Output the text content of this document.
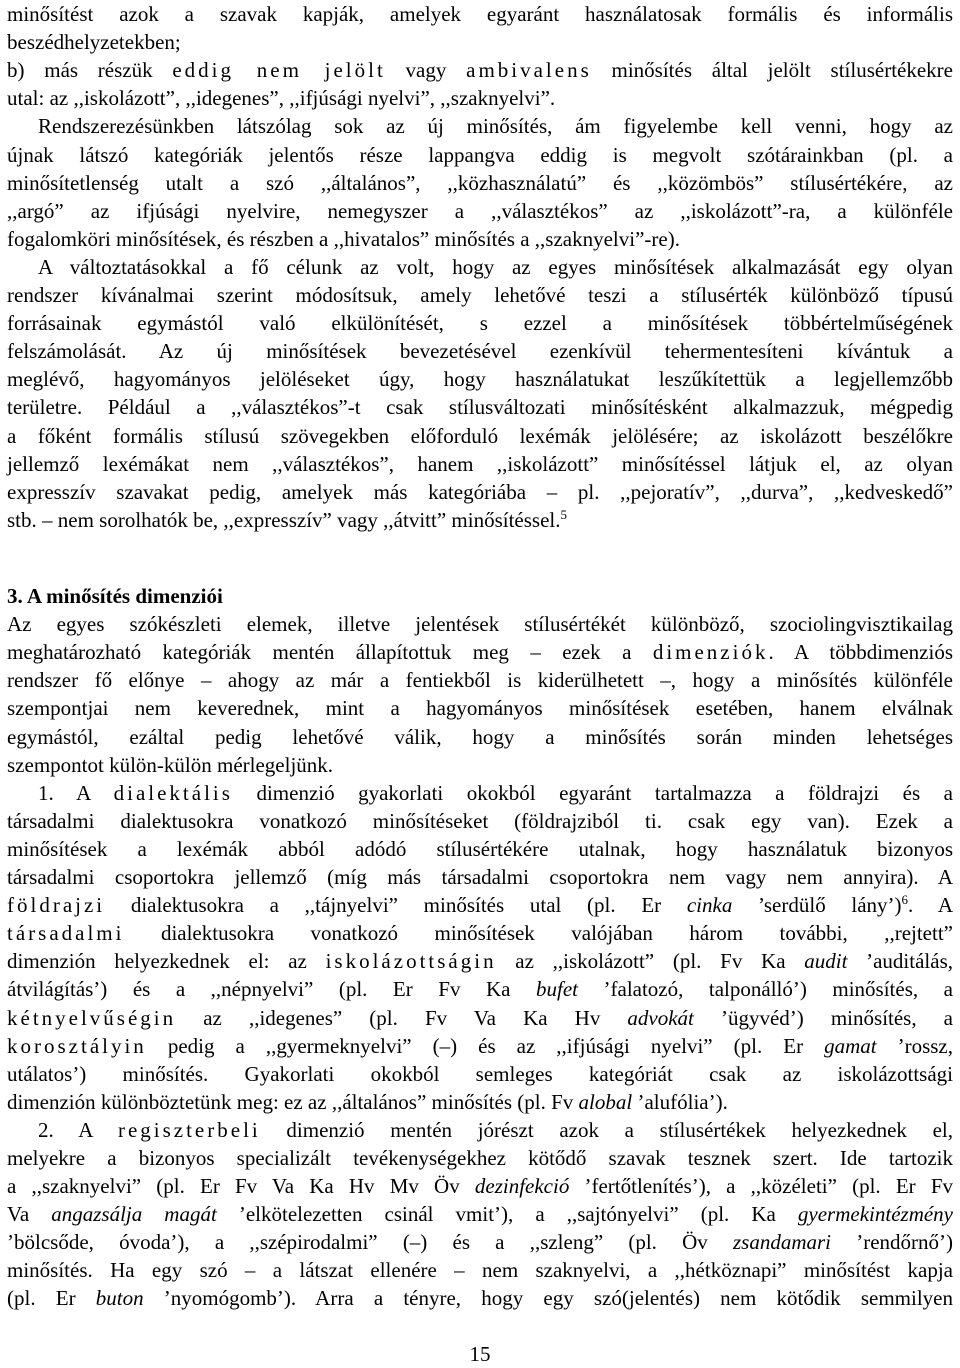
minősítést azok a szavak kapják, amelyek egyaránt használatosak formális és informális
beszédhelyzetekben;
b) más részük eddig nem jelölt vagy ambivalens minősítés által jelölt stílusértékekre
utal: az ,,iskolázott”, ,,idegenes”, ,,ifjúsági nyelvi”, ,,szaknyelvi”.
Rendszerezésünkben látszólag sok az új minősítés, ám figyelembe kell venni, hogy az
újnak látszó kategóriák jelentős része lappangva eddig is megvolt szótárainkban (pl. a
minősítetlenség utalt a szó ,,általános”, ,,közhasználatú” és ,,közömbös” stílusértékére, az
,,argó” az ifjúsági nyelvire, nemegyszer a ,,választékos” az ,,iskolázott”-ra, a különféle
fogalomköri minősítések, és részben a ,,hivatalos” minősítés a ,,szaknyelvi”-re).
A változtatásokkal a fő célunk az volt, hogy az egyes minősítések alkalmazását egy olyan
rendszer kívánalmai szerint módosítsuk, amely lehetővé teszi a stílusérték különböző típusú
forrásainak egymástól való elkülönítését, s ezzel a minősítések többértelműségének
felszámolását. Az új minősítések bevezetésével ezenkívül tehermentesíteni kívántuk a
meglévő, hagyományos jelöléseket úgy, hogy használatukat leszűkítettük a legjellemzőbb
területre. Például a ,,választékos”-t csak stílusváltozati minősítésként alkalmazzuk, mégpedig
a főként formális stílusú szövegekben előforduló lexémák jelölésére; az iskolázott beszélőkre
jellemző lexémákat nem ,,választékos”, hanem ,,iskolázott” minősítéssel látjuk el, az olyan
expresszív szavakat pedig, amelyek más kategóriába – pl. ,,pejoratív”, ,,durva”, ,,kedveskedő”
stb. – nem sorolhatók be, ,,expresszív” vagy ,,átvitt” minősítéssel.$^5$
3. A minősítés dimenziói
Az egyes szókészleti elemek, illetve jelentések stílusértékét különböző, szociolingvisztikailag
meghatározható kategóriák mentén állapítottuk meg – ezek a dimenziók. A többdimenziós
rendszer fő előnye – ahogy az már a fentiekből is kiderülhetett –, hogy a minősítés különféle
szempontjai nem keverednek, mint a hagyományos minősítések esetében, hanem elválnak
egymástól, ezáltal pedig lehetővé válik, hogy a minősítés során minden lehetséges
szempontot külön-külön mérlegeljünk.
1. A dialektális dimenzió gyakorlati okokból egyaránt tartalmazza a földrajzi és a
társadalmi dialektusokra vonatkozó minősítéseket (földrajziból ti. csak egy van). Ezek a
minősítések a lexémák abból adódó stílusértékére utalnak, hogy használatuk bizonyos
társadalmi csoportokra jellemző (míg más társadalmi csoportokra nem vagy nem annyira). A
földrajzi dialektusokra a ,,tájnyelvi” minősítés utal (pl. Er cinka ’serdülő lány’)$^6$. A
társadalmi dialektusokra vonatkozó minősítések valójában három további, ,,rejtett”
dimenzión helyezkednek el: az iskolázottságin az ,,iskolázott” (pl. Fv Ka audit ’auditálás,
átvilágítás’) és a ,,népnyelvi” (pl. Er Fv Ka bufet ’falatozó, talponálló’) minősítés, a
kétnyelvűségin az ,,idegenes” (pl. Fv Va Ka Hv advokát ’ügyvéd’) minősítés, a
korosztályin pedig a ,,gyermeknyelvi” (–) és az ,,ifjúsági nyelvi” (pl. Er gamat ’rossz,
utálatos’) minősítés. Gyakorlati okokból semleges kategóriát csak az iskolázottsági
dimenzión különböztetünk meg: ez az ,,általános” minősítés (pl. Fv alobal ’alufólia’).
2. A regiszterbeli dimenzió mentén jórészt azok a stílusértékek helyezkednek el,
melyekre a bizonyos specializált tevékenységekhez kötődő szavak tesznek szert. Ide tartozik
a ,,szaknyelvi” (pl. Er Fv Va Ka Hv Mv Öv dezinfekció ’fertőtlenítés’), a ,,közéleti” (pl. Er Fv
Va angazsálja magát ’elkötelezetten csinál vmit’), a ,,sajtónyelvi” (pl. Ka gyermekintézmény
’bölcsőde, óvoda’), a ,,szépirodalmi” (–) és a ,,szleng” (pl. Öv zsandamari ’rendőrnő’)
minősítés. Ha egy szó – a látszat ellenére – nem szaknyelvi, a ,,hétköznapi” minősítést kapja
(pl. Er buton ’nyomógomb’). Arra a tényre, hogy egy szó(jelentés) nem kötődik semmilyen
15
